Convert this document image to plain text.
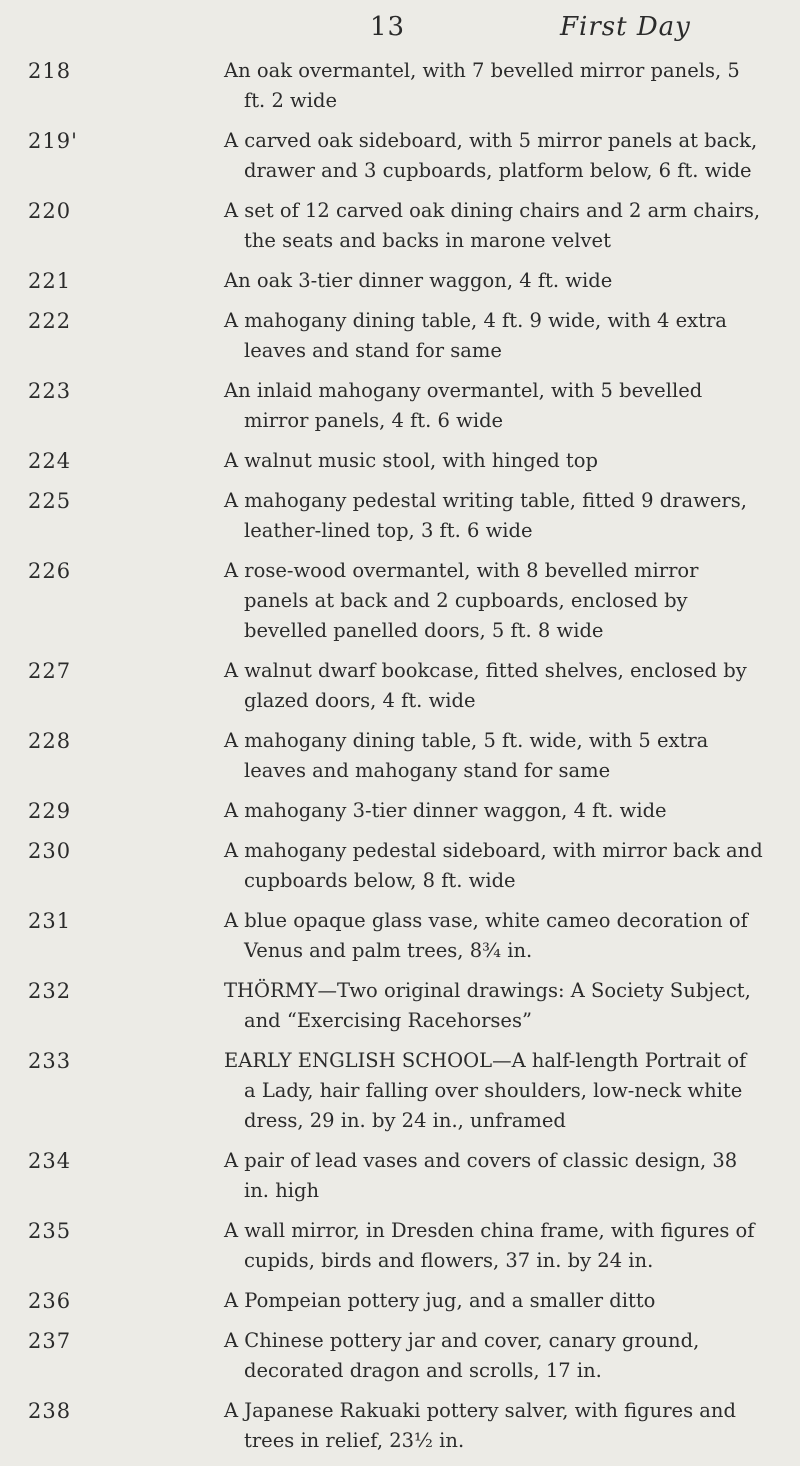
13	First Day
218	An oak overmantel, with 7 bevelled mirror panels, 5 ft. 2 wide
219'	A carved oak sideboard, with 5 mirror panels at back, drawer and 3 cupboards, platform below, 6 ft. wide
220	A set of 12 carved oak dining chairs and 2 arm chairs, the seats and backs in marone velvet
221	An oak 3-tier dinner waggon, 4 ft. wide
222	A mahogany dining table, 4 ft. 9 wide, with 4 extra leaves and stand for same
223	An inlaid mahogany overmantel, with 5 bevelled mirror panels, 4 ft. 6 wide
224	A walnut music stool, with hinged top
225	A mahogany pedestal writing table, fitted 9 drawers, leather-lined top, 3 ft. 6 wide
226	A rose-wood overmantel, with 8 bevelled mirror panels at back and 2 cupboards, enclosed by bevelled panelled doors, 5 ft. 8 wide
227	A walnut dwarf bookcase, fitted shelves, enclosed by glazed doors, 4 ft. wide
228	A mahogany dining table, 5 ft. wide, with 5 extra leaves and mahogany stand for same
229	A mahogany 3-tier dinner waggon, 4 ft. wide
230	A mahogany pedestal sideboard, with mirror back and cupboards below, 8 ft. wide
231	A blue opaque glass vase, white cameo decoration of Venus and palm trees, 8¾ in.
232	THÖRMY—Two original drawings: A Society Subject, and “Exercising Racehorses”
233	EARLY ENGLISH SCHOOL—A half-length Portrait of a Lady, hair falling over shoulders, low-neck white dress, 29 in. by 24 in., unframed
234	A pair of lead vases and covers of classic design, 38 in. high
235	A wall mirror, in Dresden china frame, with figures of cupids, birds and flowers, 37 in. by 24 in.
236	A Pompeian pottery jug, and a smaller ditto
237	A Chinese pottery jar and cover, canary ground, decorated dragon and scrolls, 17 in.
238	A Japanese Rakuaki pottery salver, with figures and trees in relief, 23½ in.
